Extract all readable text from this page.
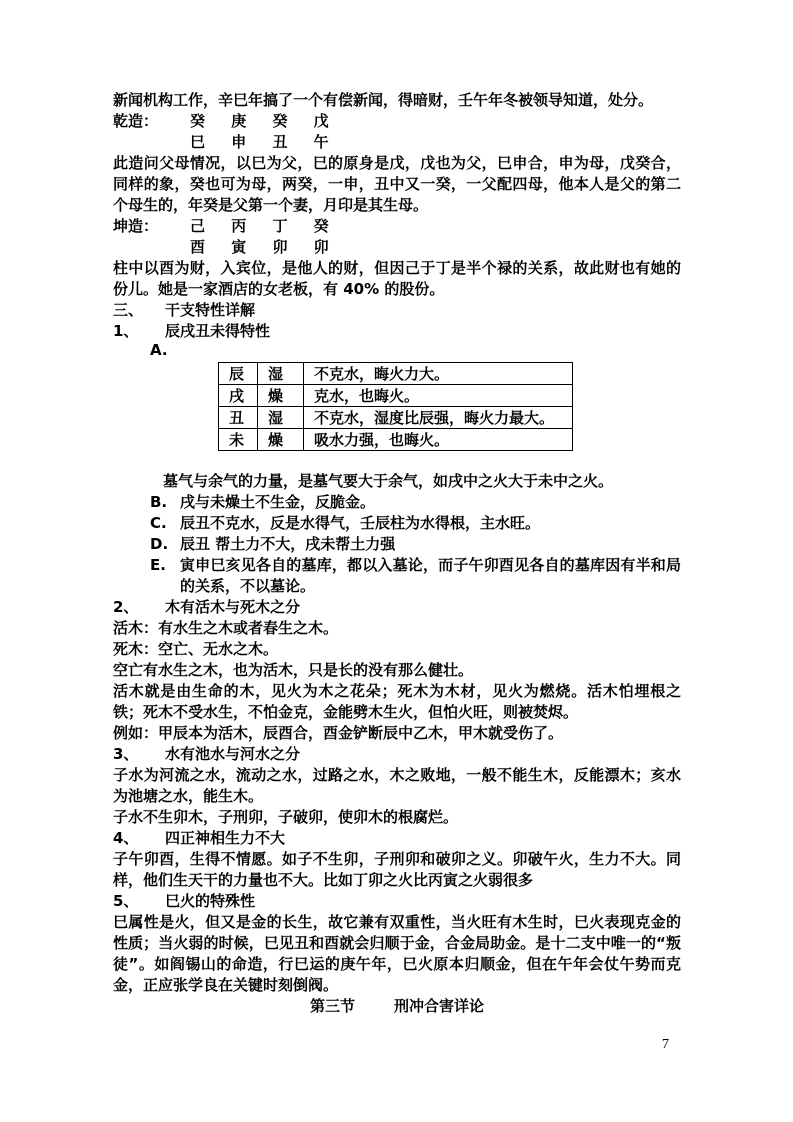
新闻机构工作，辛巳年搞了一个有偿新闻，得暗财，壬午年冬被领导知道，处分。

乾造：	癸 庚 癸 戊
巳 申 丑 午

此造问父母情况，以巳为父，巳的原身是戊，戊也为父，巳申合，申为母，戊癸合，同样的象，癸也可为母，两癸，一申，丑中又一癸，一父配四母，他本人是父的第二个母生的，年癸是父第一个妻，月印是其生母。

坤造：	己 丙 丁 癸
酉 寅 卯 卯

柱中以酉为财，入宾位，是他人的财，但因己于丁是半个禄的关系，故此财也有她的份儿。她是一家酒店的女老板，有 40% 的股份。

三、	干支特性详解
1、	辰戌丑未得特性
A.
辰	湿	不克水，晦火力大。
戌	燥	克水，也晦火。
丑	湿	不克水，湿度比辰强，晦火力最大。
未	燥	吸水力强，也晦火。

墓气与余气的力量，是墓气要大于余气，如戌中之火大于未中之火。

B. 戌与未燥土不生金，反脆金。
C. 辰丑不克水，反是水得气，壬辰柱为水得根，主水旺。
D. 辰丑 帮土力不大，戌未帮土力强
E. 寅申巳亥见各自的墓库，都以入墓论，而子午卯酉见各自的墓库因有半和局的关系，不以墓论。
2、	木有活木与死木之分

活木：有水生之木或者春生之木。

死木：空亡、无水之木。

空亡有水生之木，也为活木，只是长的没有那么健壮。

活木就是由生命的木，见火为木之花朵；死木为木材，见火为燃烧。活木怕埋根之铁；死木不受水生，不怕金克，金能劈木生火，但怕火旺，则被焚烬。

例如：甲辰本为活木，辰酉合，酉金铲断辰中乙木，甲木就受伤了。

3、	水有池水与河水之分

子水为河流之水，流动之水，过路之水，木之败地，一般不能生木，反能漂木；亥水为池塘之水，能生木。

子水不生卯木，子刑卯，子破卯，使卯木的根腐烂。

4、	四正神相生力不大

子午卯酉，生得不情愿。如子不生卯，子刑卯和破卯之义。卯破午火，生力不大。同样，他们生天干的力量也不大。比如丁卯之火比丙寅之火弱很多

5、	巳火的特殊性

巳属性是火，但又是金的长生，故它兼有双重性，当火旺有木生时，巳火表现克金的性质；当火弱的时候，巳见丑和酉就会归顺于金，合金局助金。是十二支中唯一的“叛徒”。如阎锡山的命造，行巳运的庚午年，巳火原本归顺金，但在午年会仗午势而克金，正应张学良在关键时刻倒阀。

第三节	刑冲合害详论
7
